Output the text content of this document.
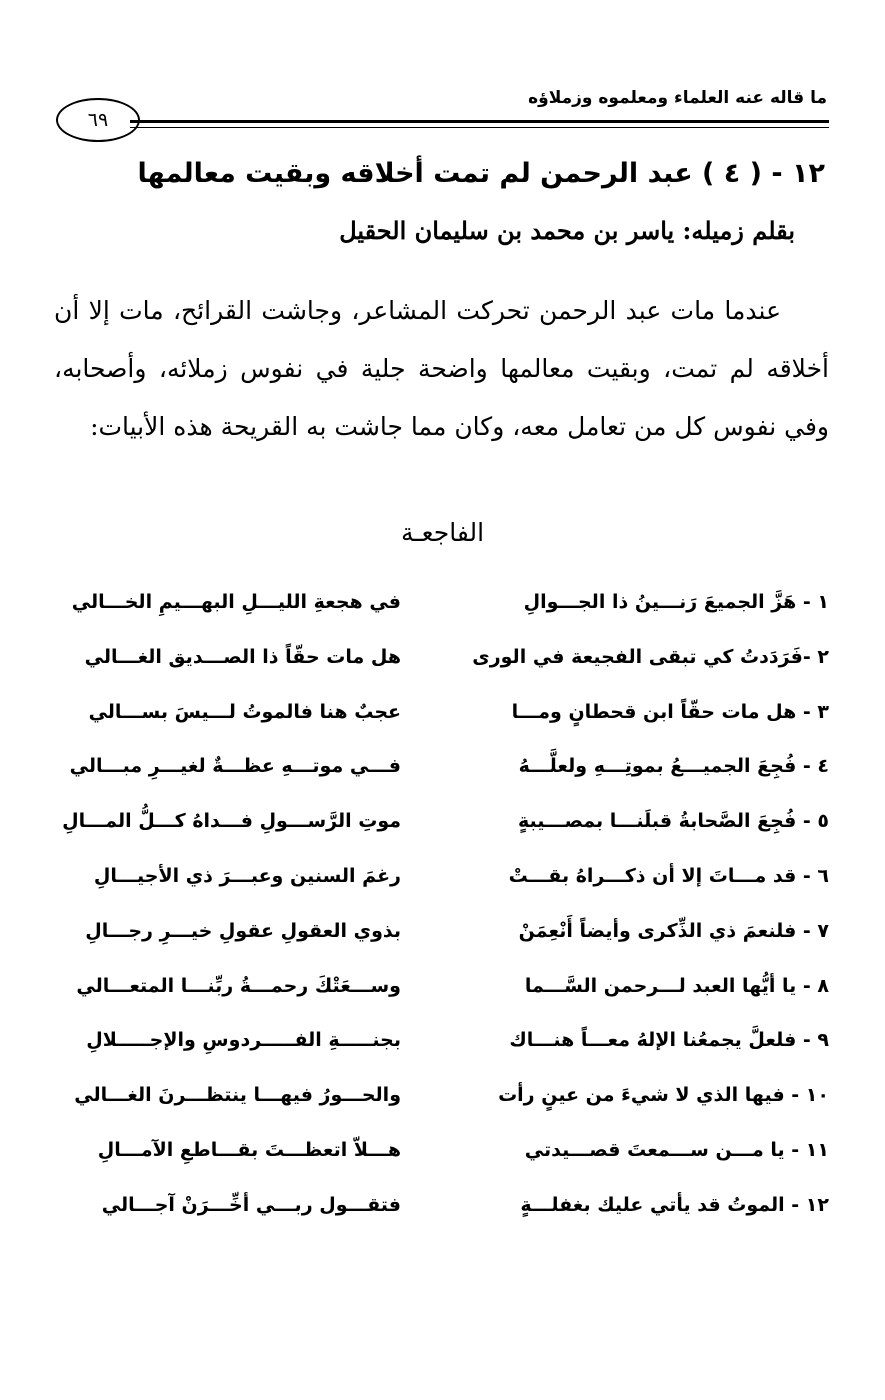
ما قاله عنه العلماء ومعلموه وزملاؤه
٦٩
١٢ - ( ٤ ) عبد الرحمن لم تمت أخلاقه وبقيت معالمها
بقلم زميله: ياسر بن محمد بن سليمان الحقيل
عندما مات عبد الرحمن تحركت المشاعر، وجاشت القرائح، مات إلا أن أخلاقه لم تمت، وبقيت معالمها واضحة جلية في نفوس زملائه، وأصحابه، وفي نفوس كل من تعامل معه، وكان مما جاشت به القريحة هذه الأبيات:
الفاجعـة
١ - هَزَّ الجميعَ رَنـــينُ ذا الجـــوالِ
في هجعةِ الليـــلِ البهـــيمِ الخـــالي
٢ -فَرَدَدتُ كي تبقى الفجيعة في الورى
هل مات حقّاً ذا الصـــديق الغـــالي
٣ - هل مات حقّاً ابن قحطانٍ ومـــا
عجبٌ هنا فالموتُ لـــيسَ بســـالي
٤ - فُجِعَ الجميـــعُ بموتِـــهِ ولعلَّـــهُ
فـــي موتـــهِ عظـــةٌ لغيـــرِ مبـــالي
٥ - فُجِعَ الصَّحابةُ قبلَنـــا بمصـــيبةٍ
موتِ الرَّســـولِ فـــداهُ كـــلُّ المـــالِ
٦ - قد مـــاتَ إلا أن ذكـــراهُ بقـــتْ
رغمَ السنين وعبـــرَ ذي الأجيـــالِ
٧ - فلنعمَ ذي الذِّكرى وأيضاً أَنْعِمَنْ
بذوي العقولِ عقولِ خيـــرِ رجـــالِ
٨ - يا أيُّها العبد لـــرحمن السَّـــما
وســـعَتْكَ رحمـــةُ ربِّنـــا المتعـــالي
٩ - فلعلَّ يجمعُنا الإلهُ معـــاً هنـــاك
بجنـــــةِ الفـــــردوسِ والإجـــــلالِ
١٠ - فيها الذي لا شيءَ من عينٍ رأت
والحـــورُ فيهـــا ينتظـــرنَ الغـــالي
١١ - يا مـــن ســـمعتَ قصـــيدتي
هـــلاّ اتعظـــتَ بقـــاطعِ الآمـــالِ
١٢ - الموتُ قد يأتي عليك بغفلـــةٍ
فتقـــول ربـــي أخِّـــرَنْ آجـــالي
